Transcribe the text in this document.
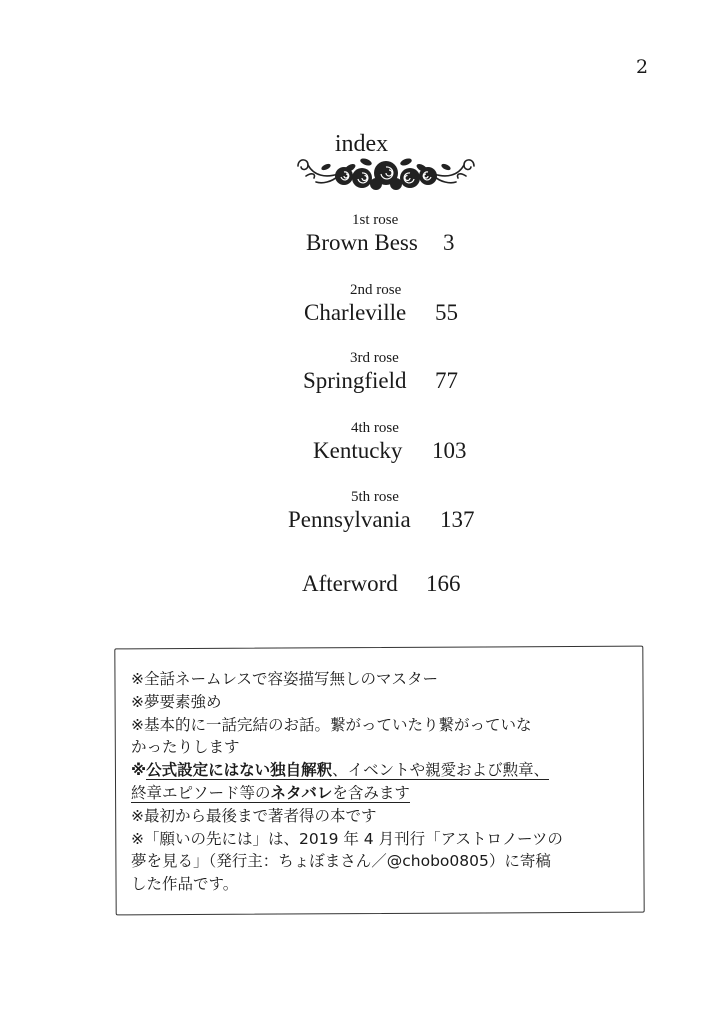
2
index
1st rose
Brown Bess 3
2nd rose
Charleville 55
3rd rose
Springfield 77
4th rose
Kentucky 103
5th rose
Pennsylvania 137
Afterword 166
※全話ネームレスで容姿描写無しのマスター
※夢要素強め
※基本的に一話完結のお話。繋がっていたり繋がっていな
かったりします
※公式設定にはない独自解釈、イベントや親愛および勲章、
終章エピソード等のネタバレを含みます
※最初から最後まで著者得の本です
※「願いの先には」は、2019 年 4 月刊行「アストロノーツの
夢を見る」（発行主：ちょぼまさん／@chobo0805）に寄稿
した作品です。
